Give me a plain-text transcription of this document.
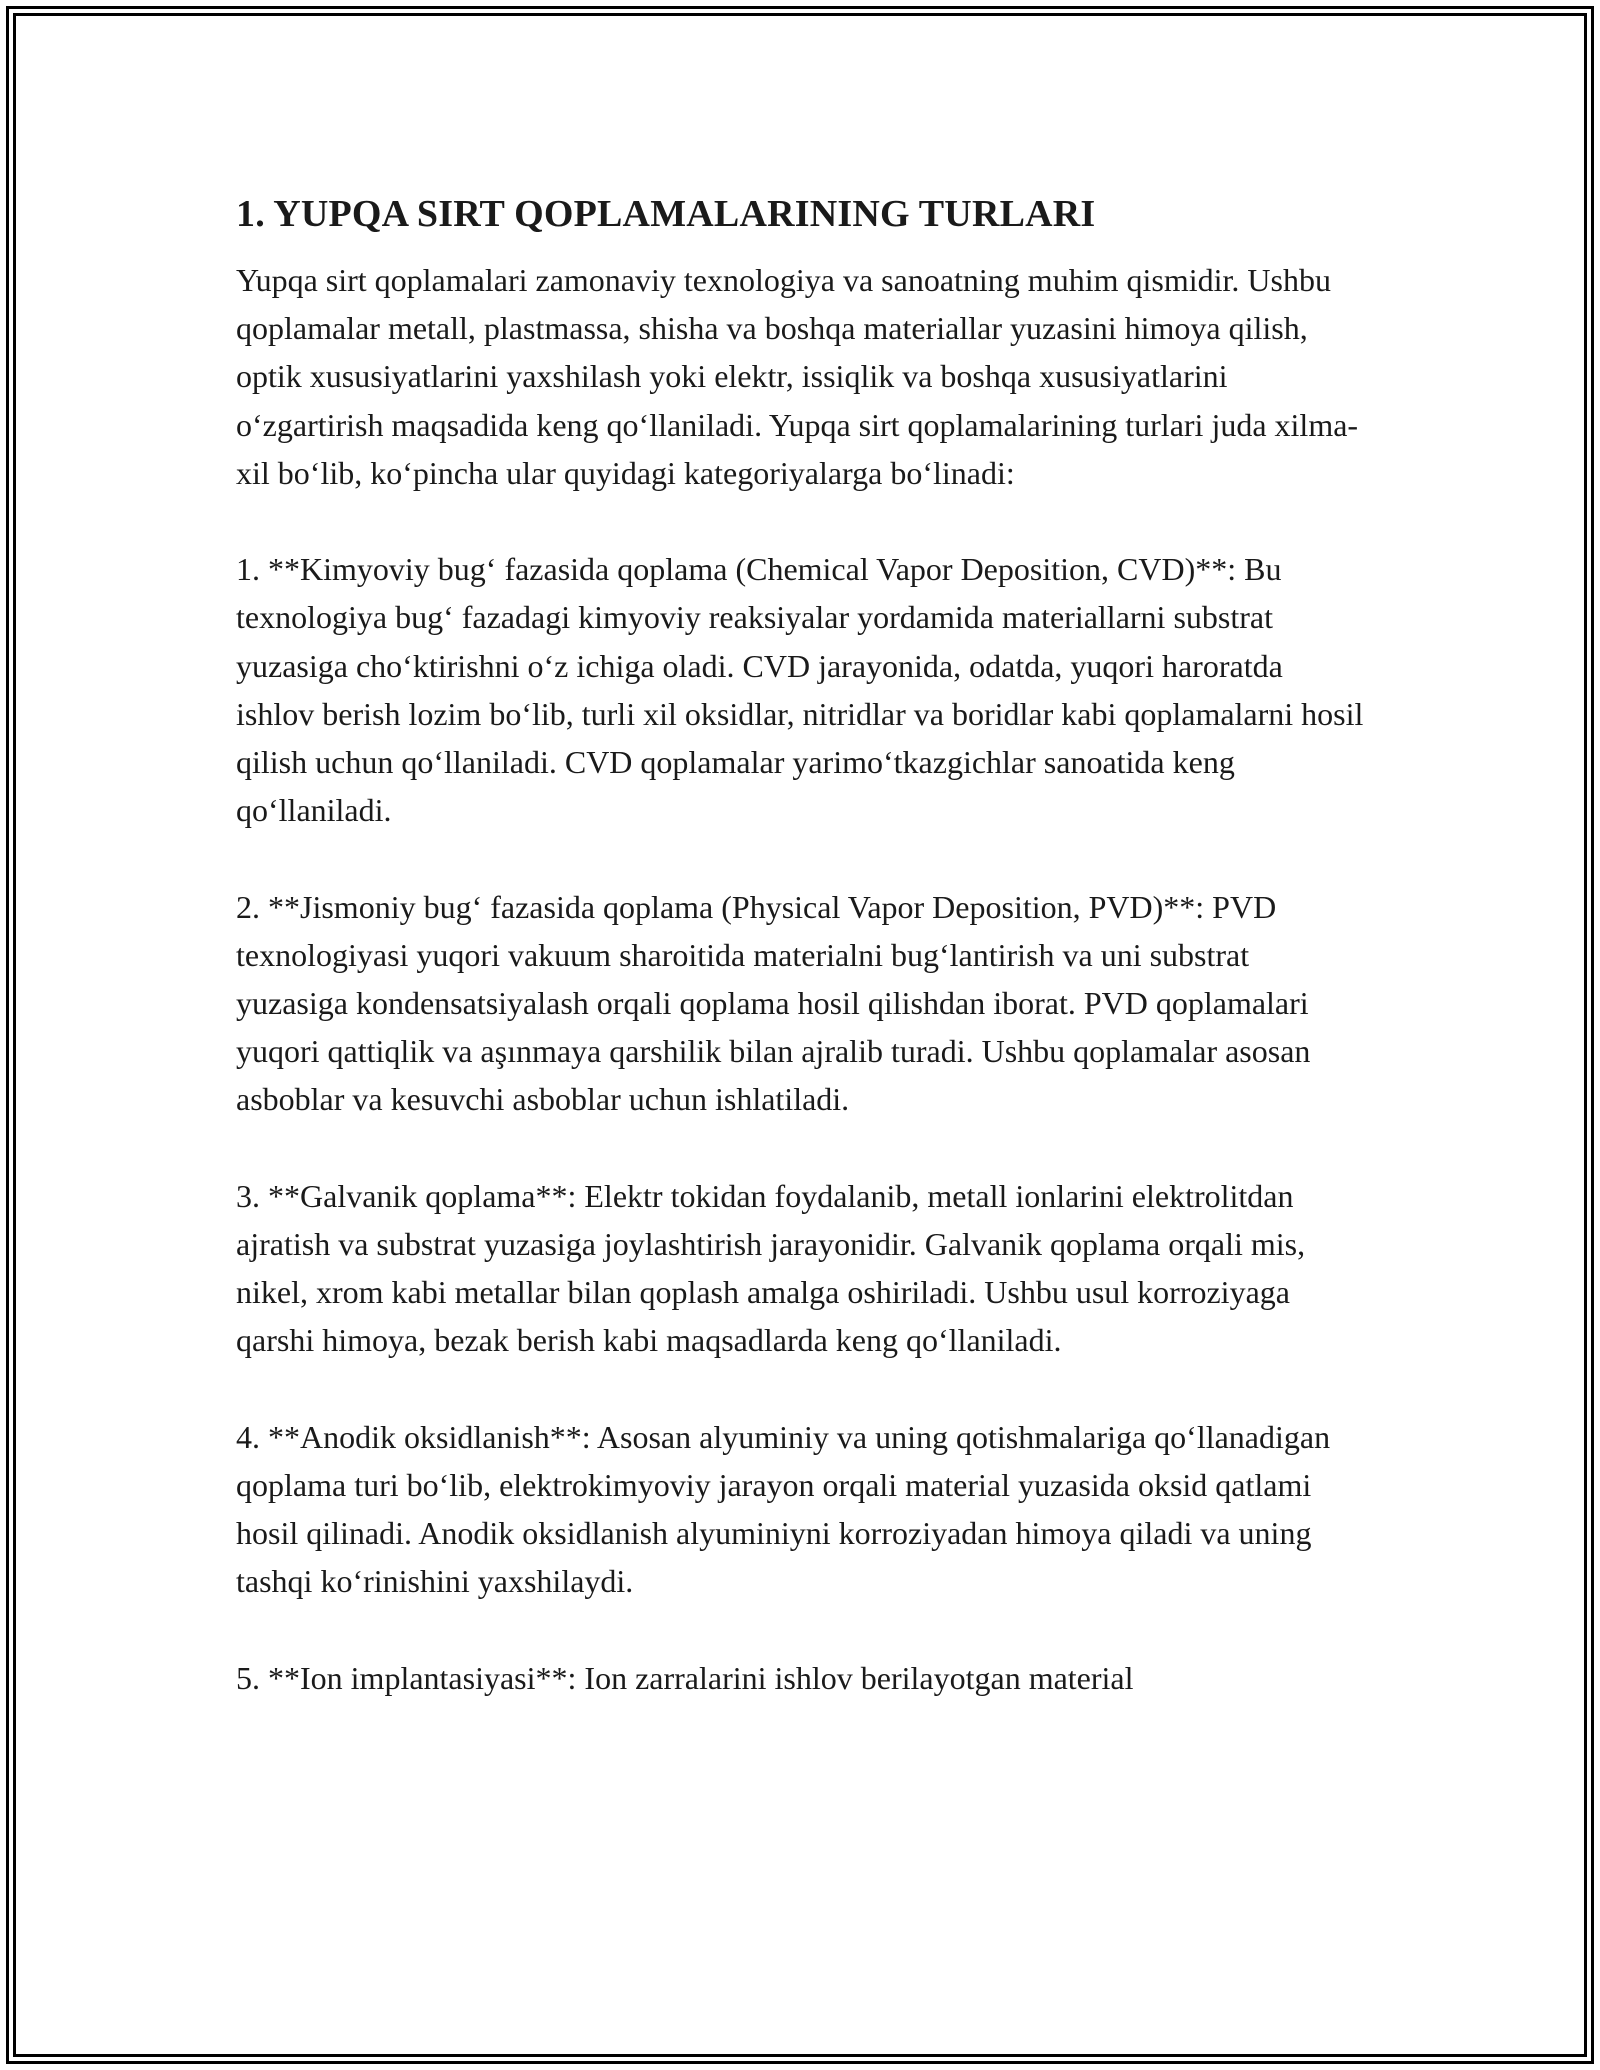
1. YUPQA SIRT QOPLAMALARINING TURLARI

Yupqa sirt qoplamalari zamonaviy texnologiya va sanoatning muhim qismidir. Ushbu qoplamalar metall, plastmassa, shisha va boshqa materiallar yuzasini himoya qilish, optik xususiyatlarini yaxshilash yoki elektr, issiqlik va boshqa xususiyatlarini oʻzgartirish maqsadida keng qoʻllaniladi. Yupqa sirt qoplamalarining turlari juda xilma-xil boʻlib, koʻpincha ular quyidagi kategoriyalarga boʻlinadi:

1. **Kimyoviy bugʻ fazasida qoplama (Chemical Vapor Deposition, CVD)**: Bu texnologiya bugʻ fazadagi kimyoviy reaksiyalar yordamida materiallarni substrat yuzasiga choʻktirishni oʻz ichiga oladi. CVD jarayonida, odatda, yuqori haroratda ishlov berish lozim boʻlib, turli xil oksidlar, nitridlar va boridlar kabi qoplamalarni hosil qilish uchun qoʻllaniladi. CVD qoplamalar yarimoʻtkazgichlar sanoatida keng qoʻllaniladi.

2. **Jismoniy bugʻ fazasida qoplama (Physical Vapor Deposition, PVD)**: PVD texnologiyasi yuqori vakuum sharoitida materialni bugʻlantirish va uni substrat yuzasiga kondensatsiyalash orqali qoplama hosil qilishdan iborat. PVD qoplamalari yuqori qattiqlik va aşınmaya qarshilik bilan ajralib turadi. Ushbu qoplamalar asosan asboblar va kesuvchi asboblar uchun ishlatiladi.

3. **Galvanik qoplama**: Elektr tokidan foydalanib, metall ionlarini elektrolitdan ajratish va substrat yuzasiga joylashtirish jarayonidir. Galvanik qoplama orqali mis, nikel, xrom kabi metallar bilan qoplash amalga oshiriladi. Ushbu usul korroziyaga qarshi himoya, bezak berish kabi maqsadlarda keng qoʻllaniladi.

4. **Anodik oksidlanish**: Asosan alyuminiy va uning qotishmalariga qoʻllanadigan qoplama turi boʻlib, elektrokimyoviy jarayon orqali material yuzasida oksid qatlami hosil qilinadi. Anodik oksidlanish alyuminiyni korroziyadan himoya qiladi va uning tashqi koʻrinishini yaxshilaydi.

5. **Ion implantasiyasi**: Ion zarralarini ishlov berilayotgan material
